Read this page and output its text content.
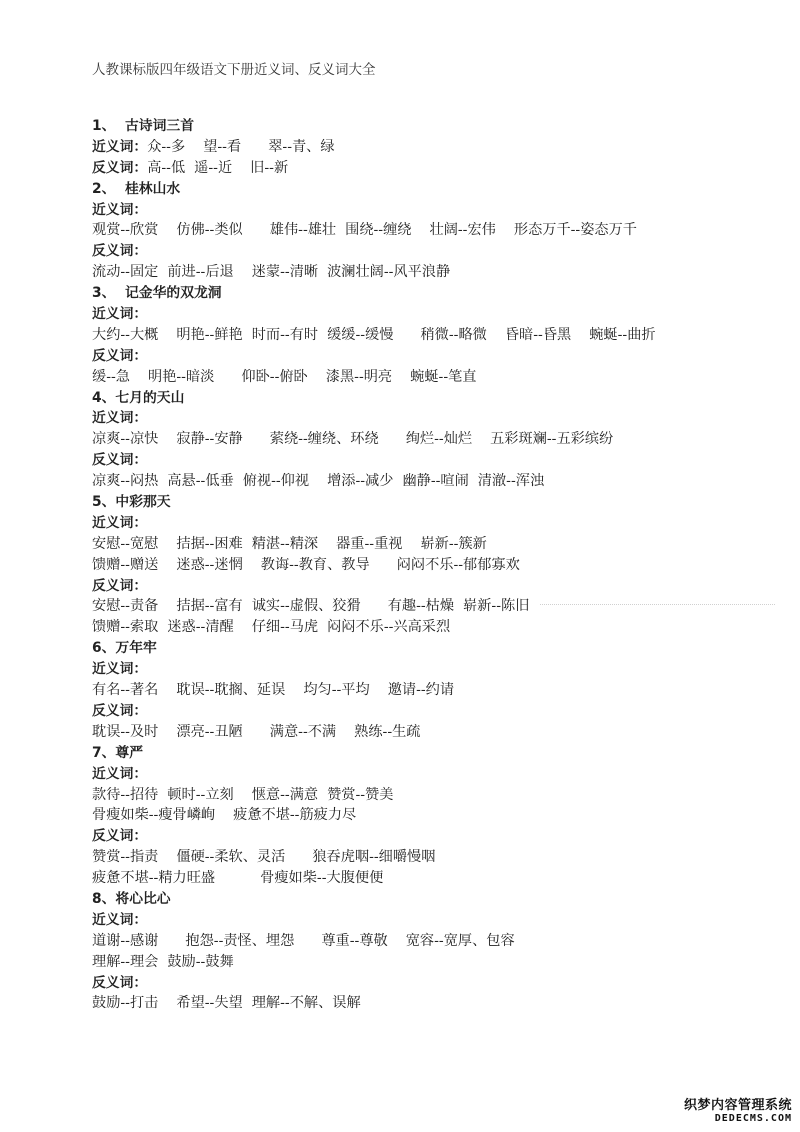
人教课标版四年级语文下册近义词、反义词大全
1、  古诗词三首
近义词：众--多    望--看      翠--青、绿
反义词：高--低  遥--近    旧--新
2、  桂林山水
近义词：
观赏--欣赏    仿佛--类似      雄伟--雄壮  围绕--缠绕    壮阔--宏伟    形态万千--姿态万千
反义词：
流动--固定  前进--后退    迷蒙--清晰  波澜壮阔--风平浪静
3、  记金华的双龙洞
近义词：
大约--大概    明艳--鲜艳  时而--有时  缓缓--缓慢      稍微--略微    昏暗--昏黑    蜿蜒--曲折
反义词：
缓--急    明艳--暗淡      仰卧--俯卧    漆黑--明亮    蜿蜒--笔直
4、七月的天山
近义词：
凉爽--凉快    寂静--安静      萦绕--缠绕、环绕      绚烂--灿烂    五彩斑斓--五彩缤纷
反义词：
凉爽--闷热  高悬--低垂  俯视--仰视    增添--减少  幽静--喧闹  清澈--浑浊
5、中彩那天
近义词：
安慰--宽慰    拮据--困难  精湛--精深    器重--重视    崭新--簇新
馈赠--赠送    迷惑--迷惘    教诲--教育、教导      闷闷不乐--郁郁寡欢
反义词：
安慰--责备    拮据--富有  诚实--虚假、狡猾      有趣--枯燥  崭新--陈旧
馈赠--索取  迷惑--清醒    仔细--马虎  闷闷不乐--兴高采烈
6、万年牢
近义词：
有名--著名    耽误--耽搁、延误    均匀--平均    邀请--约请
反义词：
耽误--及时    漂亮--丑陋      满意--不满    熟练--生疏
7、尊严
近义词：
款待--招待  顿时--立刻    惬意--满意  赞赏--赞美
骨瘦如柴--瘦骨嶙峋    疲惫不堪--筋疲力尽
反义词：
赞赏--指责    僵硬--柔软、灵活      狼吞虎咽--细嚼慢咽
疲惫不堪--精力旺盛          骨瘦如柴--大腹便便
8、将心比心
近义词：
道谢--感谢      抱怨--责怪、埋怨      尊重--尊敬    宽容--宽厚、包容
理解--理会  鼓励--鼓舞
反义词：
鼓励--打击    希望--失望  理解--不解、误解
织梦内容管理系统
DEDECMS.COM
